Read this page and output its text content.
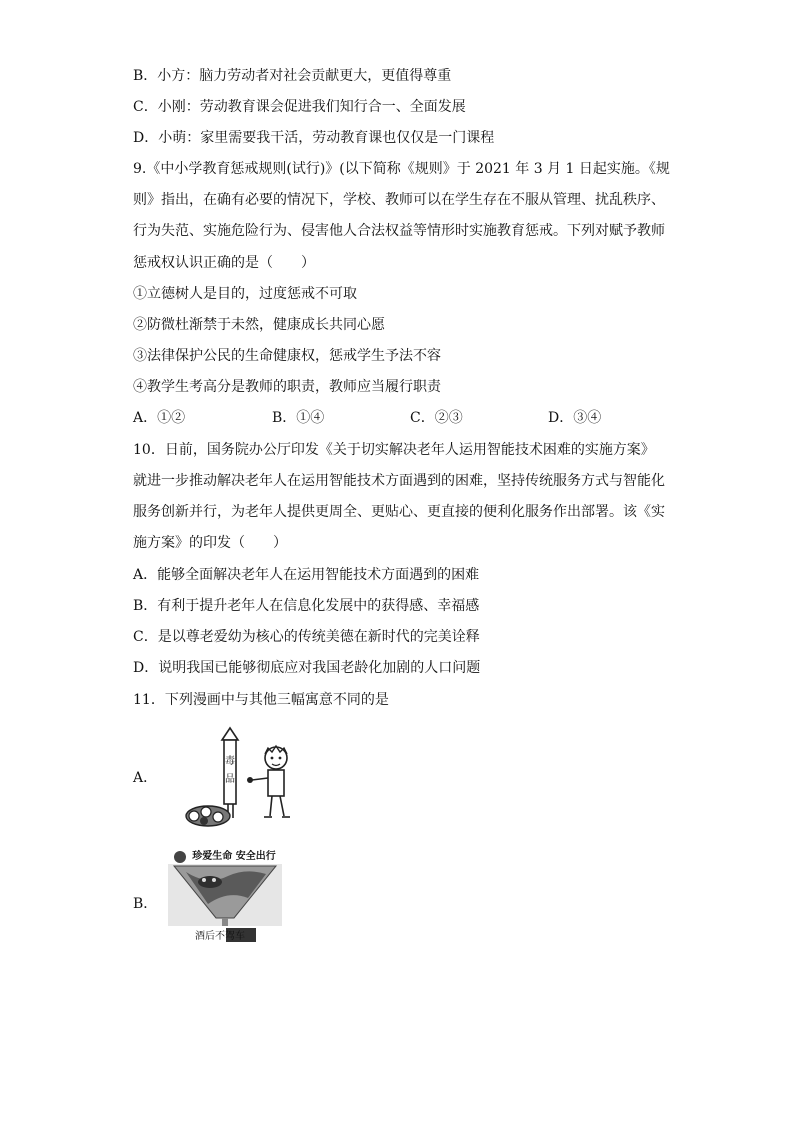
B．小方：脑力劳动者对社会贡献更大，更值得尊重
C．小刚：劳动教育课会促进我们知行合一、全面发展
D．小萌：家里需要我干活，劳动教育课也仅仅是一门课程
9.《中小学教育惩戒规则(试行)》(以下简称《规则》于 2021 年 3 月 1 日起实施。《规
则》指出，在确有必要的情况下，学校、教师可以在学生存在不服从管理、扰乱秩序、
行为失范、实施危险行为、侵害他人合法权益等情形时实施教育惩戒。下列对赋予教师
惩戒权认识正确的是（　　）
①立德树人是目的，过度惩戒不可取
②防微杜渐禁于未然，健康成长共同心愿
③法律保护公民的生命健康权，惩戒学生予法不容
④教学生考高分是教师的职责，教师应当履行职责
A．①②	B．①④	C．②③	D．③④
10．日前，国务院办公厅印发《关于切实解决老年人运用智能技术困难的实施方案》
就进一步推动解决老年人在运用智能技术方面遇到的困难，坚持传统服务方式与智能化
服务创新并行，为老年人提供更周全、更贴心、更直接的便利化服务作出部署。该《实
施方案》的印发（　　）
A．能够全面解决老年人在运用智能技术方面遇到的困难
B．有利于提升老年人在信息化发展中的获得感、幸福感
C．是以尊老爱幼为核心的传统美德在新时代的完美诠释
D．说明我国已能够彻底应对我国老龄化加剧的人口问题
11．下列漫画中与其他三幅寓意不同的是
A．
毒
品
B．
珍爱生命 安全出行
酒后不驾车
